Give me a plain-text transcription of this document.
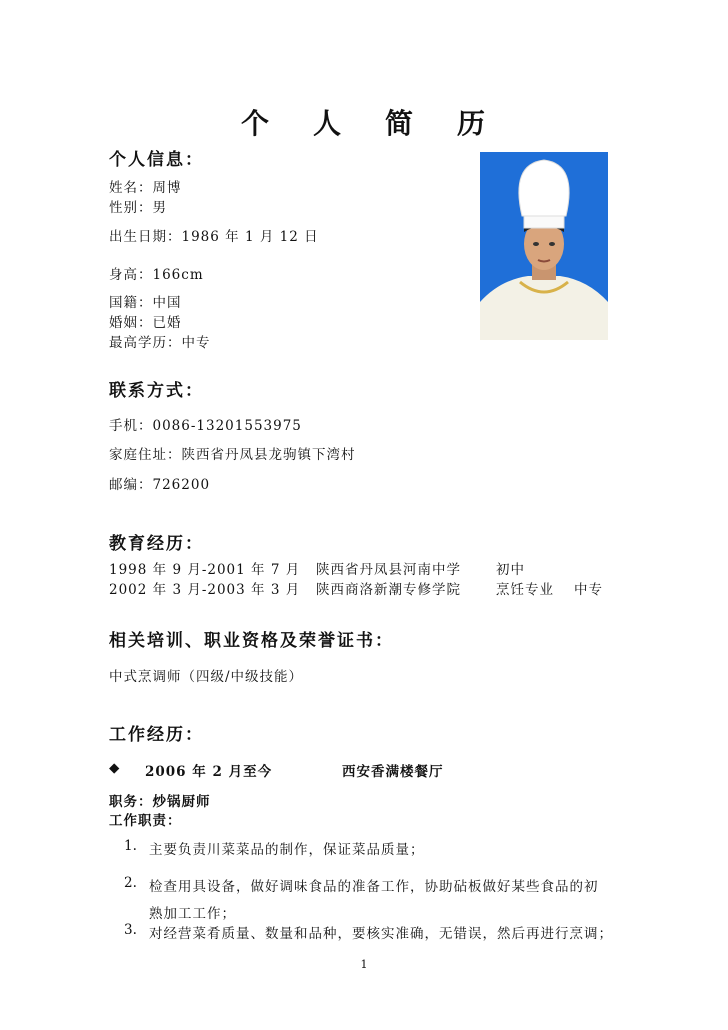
个 人 简 历
个人信息：
姓名：周博
性别：男
出生日期：1986 年 1 月 12 日
身高：166cm
国籍：中国
婚姻：已婚
最高学历：中专
联系方式：
手机：0086-13201553975
家庭住址：陕西省丹凤县龙驹镇下湾村
邮编：726200
教育经历：
1998 年 9 月-2001 年 7 月 陕西省丹凤县河南中学	初中
2002 年 3 月-2003 年 3 月 陕西商洛新潮专修学院	烹饪专业 中专
相关培训、职业资格及荣誉证书：
中式烹调师（四级/中级技能）
工作经历：
◆ 2006 年 2 月至今	西安香满楼餐厅
职务：炒锅厨师
工作职责：
1. 主要负责川菜菜品的制作，保证菜品质量；
2. 检查用具设备，做好调味食品的准备工作，协助砧板做好某些食品的初
熟加工工作；
3. 对经营菜肴质量、数量和品种，要核实准确，无错误，然后再进行烹调；
1
